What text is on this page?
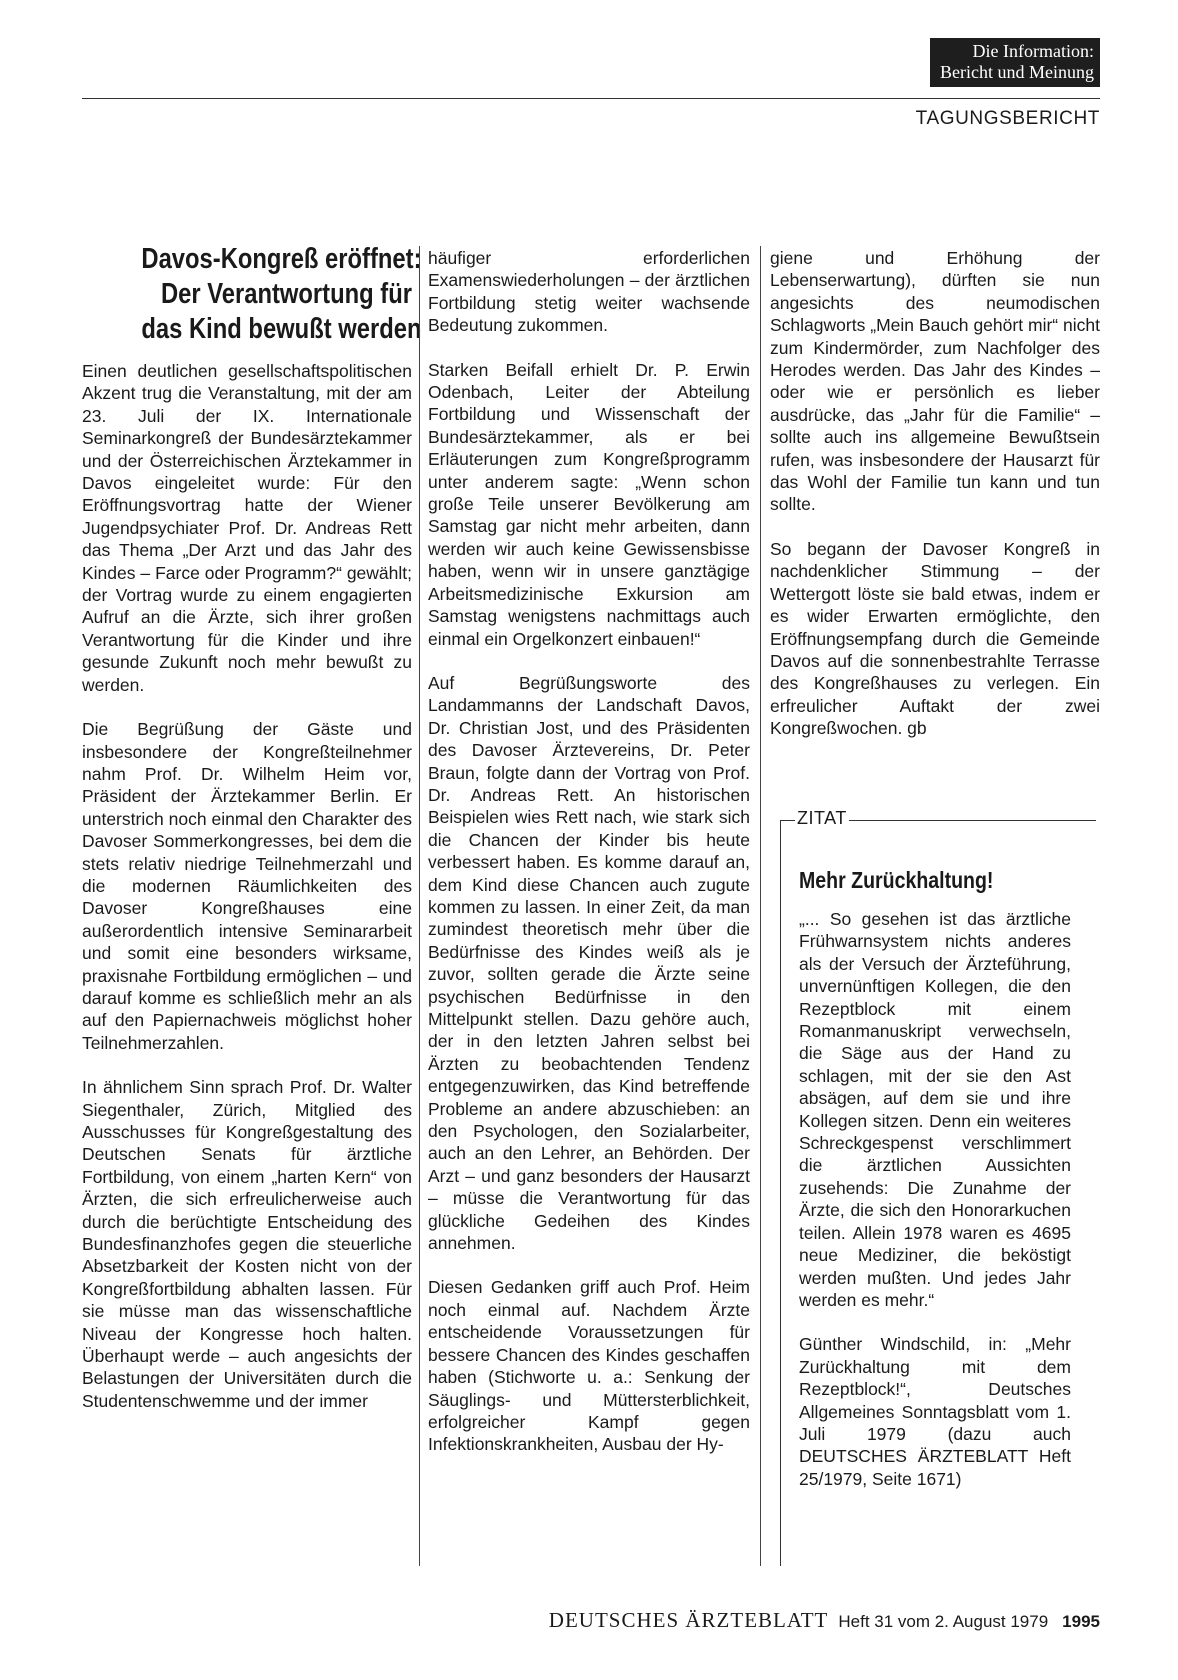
Die Information:
Bericht und Meinung
TAGUNGSBERICHT
Davos-Kongreß eröffnet:
Der Verantwortung für
das Kind bewußt werden

Einen deutlichen gesellschaftspolitischen Akzent trug die Veranstaltung, mit der am 23. Juli der IX. Internationale Seminarkongreß der Bundesärztekammer und der Österreichischen Ärztekammer in Davos eingeleitet wurde: Für den Eröffnungsvortrag hatte der Wiener Jugendpsychiater Prof. Dr. Andreas Rett das Thema „Der Arzt und das Jahr des Kindes – Farce oder Programm?“ gewählt; der Vortrag wurde zu einem engagierten Aufruf an die Ärzte, sich ihrer großen Verantwortung für die Kinder und ihre gesunde Zukunft noch mehr bewußt zu werden.

Die Begrüßung der Gäste und insbesondere der Kongreßteilnehmer nahm Prof. Dr. Wilhelm Heim vor, Präsident der Ärztekammer Berlin. Er unterstrich noch einmal den Charakter des Davoser Sommerkongresses, bei dem die stets relativ niedrige Teilnehmerzahl und die modernen Räumlichkeiten des Davoser Kongreßhauses eine außerordentlich intensive Seminararbeit und somit eine besonders wirksame, praxisnahe Fortbildung ermöglichen – und darauf komme es schließlich mehr an als auf den Papiernachweis möglichst hoher Teilnehmerzahlen.

In ähnlichem Sinn sprach Prof. Dr. Walter Siegenthaler, Zürich, Mitglied des Ausschusses für Kongreßgestaltung des Deutschen Senats für ärztliche Fortbildung, von einem „harten Kern“ von Ärzten, die sich erfreulicherweise auch durch die berüchtigte Entscheidung des Bundesfinanzhofes gegen die steuerliche Absetzbarkeit der Kosten nicht von der Kongreßfortbildung abhalten lassen. Für sie müsse man das wissenschaftliche Niveau der Kongresse hoch halten. Überhaupt werde – auch angesichts der Belastungen der Universitäten durch die Studentenschwemme und der immer

häufiger erforderlichen Examenswiederholungen – der ärztlichen Fortbildung stetig weiter wachsende Bedeutung zukommen.

Starken Beifall erhielt Dr. P. Erwin Odenbach, Leiter der Abteilung Fortbildung und Wissenschaft der Bundesärztekammer, als er bei Erläuterungen zum Kongreßprogramm unter anderem sagte: „Wenn schon große Teile unserer Bevölkerung am Samstag gar nicht mehr arbeiten, dann werden wir auch keine Gewissensbisse haben, wenn wir in unsere ganztägige Arbeitsmedizinische Exkursion am Samstag wenigstens nachmittags auch einmal ein Orgelkonzert einbauen!“

Auf Begrüßungsworte des Landammanns der Landschaft Davos, Dr. Christian Jost, und des Präsidenten des Davoser Ärztevereins, Dr. Peter Braun, folgte dann der Vortrag von Prof. Dr. Andreas Rett. An historischen Beispielen wies Rett nach, wie stark sich die Chancen der Kinder bis heute verbessert haben. Es komme darauf an, dem Kind diese Chancen auch zugute kommen zu lassen. In einer Zeit, da man zumindest theoretisch mehr über die Bedürfnisse des Kindes weiß als je zuvor, sollten gerade die Ärzte seine psychischen Bedürfnisse in den Mittelpunkt stellen. Dazu gehöre auch, der in den letzten Jahren selbst bei Ärzten zu beobachtenden Tendenz entgegenzuwirken, das Kind betreffende Probleme an andere abzuschieben: an den Psychologen, den Sozialarbeiter, auch an den Lehrer, an Behörden. Der Arzt – und ganz besonders der Hausarzt – müsse die Verantwortung für das glückliche Gedeihen des Kindes annehmen.

Diesen Gedanken griff auch Prof. Heim noch einmal auf. Nachdem Ärzte entscheidende Voraussetzungen für bessere Chancen des Kindes geschaffen haben (Stichworte u. a.: Senkung der Säuglings- und Müttersterblichkeit, erfolgreicher Kampf gegen Infektionskrankheiten, Ausbau der Hy-

giene und Erhöhung der Lebenserwartung), dürften sie nun angesichts des neumodischen Schlagworts „Mein Bauch gehört mir“ nicht zum Kindermörder, zum Nachfolger des Herodes werden. Das Jahr des Kindes – oder wie er persönlich es lieber ausdrücke, das „Jahr für die Familie“ – sollte auch ins allgemeine Bewußtsein rufen, was insbesondere der Hausarzt für das Wohl der Familie tun kann und tun sollte.

So begann der Davoser Kongreß in nachdenklicher Stimmung – der Wettergott löste sie bald etwas, indem er es wider Erwarten ermöglichte, den Eröffnungsempfang durch die Gemeinde Davos auf die sonnenbestrahlte Terrasse des Kongreßhauses zu verlegen. Ein erfreulicher Auftakt der zwei Kongreßwochen. gb

ZITAT
Mehr Zurückhaltung!

„... So gesehen ist das ärztliche Frühwarnsystem nichts anderes als der Versuch der Ärzteführung, unvernünftigen Kollegen, die den Rezeptblock mit einem Romanmanuskript verwechseln, die Säge aus der Hand zu schlagen, mit der sie den Ast absägen, auf dem sie und ihre Kollegen sitzen. Denn ein weiteres Schreckgespenst verschlimmert die ärztlichen Aussichten zusehends: Die Zunahme der Ärzte, die sich den Honorarkuchen teilen. Allein 1978 waren es 4695 neue Mediziner, die beköstigt werden mußten. Und jedes Jahr werden es mehr.“

Günther Windschild, in: „Mehr Zurückhaltung mit dem Rezeptblock!“, Deutsches Allgemeines Sonntagsblatt vom 1. Juli 1979 (dazu auch DEUTSCHES ÄRZTEBLATT Heft 25/1979, Seite 1671)

DEUTSCHES ÄRZTEBLATT Heft 31 vom 2. August 1979 1995
